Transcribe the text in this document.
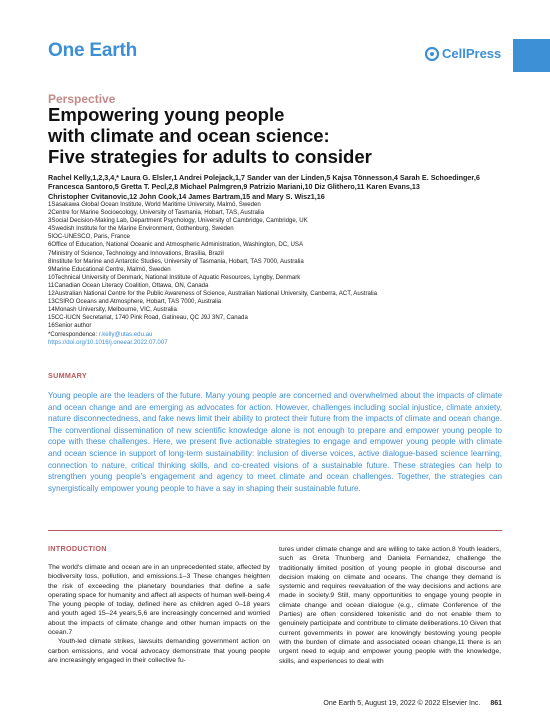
One Earth	CellPress
Perspective
Empowering young people
with climate and ocean science:
Five strategies for adults to consider
Rachel Kelly,1,2,3,4,* Laura G. Elsler,1 Andrei Polejack,1,7 Sander van der Linden,5 Kajsa Tönnesson,4 Sarah E. Schoedinger,6
Francesca Santoro,5 Gretta T. Pecl,2,8 Michael Palmgren,9 Patrizio Mariani,10 Diz Glithero,11 Karen Evans,13
Christopher Cvitanovic,12 John Cook,14 James Bartram,15 and Mary S. Wisz1,16
1Sasakawa Global Ocean Institute, World Maritime University, Malmö, Sweden
2Centre for Marine Socioecology, University of Tasmania, Hobart, TAS, Australia
3Social Decision-Making Lab, Department Psychology, University of Cambridge, Cambridge, UK
4Swedish Institute for the Marine Environment, Gothenburg, Sweden
5IOC-UNESCO, Paris, France
6Office of Education, National Oceanic and Atmospheric Administration, Washington, DC, USA
7Ministry of Science, Technology and Innovations, Brasília, Brazil
8Institute for Marine and Antarctic Studies, University of Tasmania, Hobart, TAS 7000, Australia
9Marine Educational Centre, Malmö, Sweden
10Technical University of Denmark, National Institute of Aquatic Resources, Lyngby, Denmark
11Canadian Ocean Literacy Coalition, Ottawa, ON, Canada
12Australian National Centre for the Public Awareness of Science, Australian National University, Canberra, ACT, Australia
13CSIRO Oceans and Atmosphere, Hobart, TAS 7000, Australia
14Monash University, Melbourne, VIC, Australia
15CC-IUCN Secretariat, 1740 Pink Road, Gatineau, QC J9J 3N7, Canada
16Senior author
*Correspondence: r.kelly@utas.edu.au
https://doi.org/10.1016/j.oneear.2022.07.007
SUMMARY
Young people are the leaders of the future. Many young people are concerned and overwhelmed about the impacts of climate and ocean change and are emerging as advocates for action. However, challenges including social injustice, climate anxiety, nature disconnectedness, and fake news limit their ability to protect their future from the impacts of climate and ocean change. The conventional dissemination of new scientific knowledge alone is not enough to prepare and empower young people to cope with these challenges. Here, we present five actionable strategies to engage and empower young people with climate and ocean science in support of long-term sustainability: inclusion of diverse voices, active dialogue-based science learning, connection to nature, critical thinking skills, and co-created visions of a sustainable future. These strategies can help to strengthen young people's engagement and agency to meet climate and ocean challenges. Together, the strategies can synergistically empower young people to have a say in shaping their sustainable future.
INTRODUCTION

The world's climate and ocean are in an unprecedented state, affected by biodiversity loss, pollution, and emissions.1–3 These changes heighten the risk of exceeding the planetary boundaries that define a safe operating space for humanity and affect all aspects of human well-being.4 The young people of today, defined here as children aged 0–18 years and youth aged 15–24 years,5,6 are increasingly concerned and worried about the impacts of climate change and other human impacts on the ocean.7

Youth-led climate strikes, lawsuits demanding government action on carbon emissions, and vocal advocacy demonstrate that young people are increasingly engaged in their collective fu-

tures under climate change and are willing to take action.8 Youth leaders, such as Greta Thunberg and Daniela Fernandez, challenge the traditionally limited position of young people in global discourse and decision making on climate and oceans. The change they demand is systemic and requires reevaluation of the way decisions and actions are made in society.9 Still, many opportunities to engage young people in climate change and ocean dialogue (e.g., climate Conference of the Parties) are often considered tokenistic and do not enable them to genuinely participate and contribute to climate deliberations.10 Given that current governments in power are knowingly bestowing young people with the burden of climate and associated ocean change,11 there is an urgent need to equip and empower young people with the knowledge, skills, and experiences to deal with

One Earth 5, August 19, 2022 © 2022 Elsevier Inc. 861
